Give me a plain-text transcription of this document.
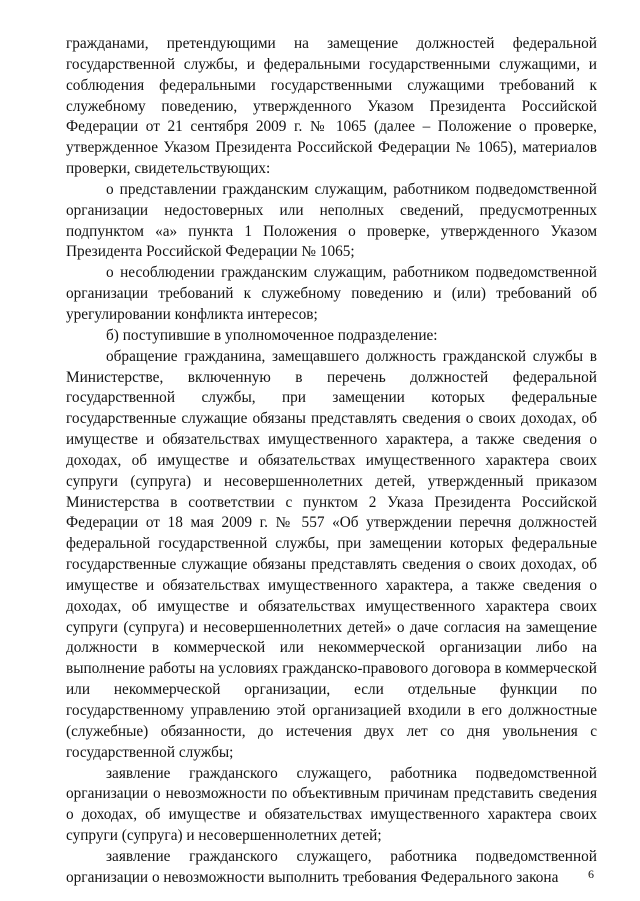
гражданами, претендующими на замещение должностей федеральной государственной службы, и федеральными государственными служащими, и соблюдения федеральными государственными служащими требований к служебному поведению, утвержденного Указом Президента Российской Федерации от 21 сентября 2009 г. № 1065 (далее – Положение о проверке, утвержденное Указом Президента Российской Федерации № 1065), материалов проверки, свидетельствующих:

о представлении гражданским служащим, работником подведомственной организации недостоверных или неполных сведений, предусмотренных подпунктом «а» пункта 1 Положения о проверке, утвержденного Указом Президента Российской Федерации № 1065;

о несоблюдении гражданским служащим, работником подведомственной организации требований к служебному поведению и (или) требований об урегулировании конфликта интересов;

б) поступившие в уполномоченное подразделение:

обращение гражданина, замещавшего должность гражданской службы в Министерстве, включенную в перечень должностей федеральной государственной службы, при замещении которых федеральные государственные служащие обязаны представлять сведения о своих доходах, об имуществе и обязательствах имущественного характера, а также сведения о доходах, об имуществе и обязательствах имущественного характера своих супруги (супруга) и несовершеннолетних детей, утвержденный приказом Министерства в соответствии с пунктом 2 Указа Президента Российской Федерации от 18 мая 2009 г. № 557 «Об утверждении перечня должностей федеральной государственной службы, при замещении которых федеральные государственные служащие обязаны представлять сведения о своих доходах, об имуществе и обязательствах имущественного характера, а также сведения о доходах, об имуществе и обязательствах имущественного характера своих супруги (супруга) и несовершеннолетних детей» о даче согласия на замещение должности в коммерческой или некоммерческой организации либо на выполнение работы на условиях гражданско-правового договора в коммерческой или некоммерческой организации, если отдельные функции по государственному управлению этой организацией входили в его должностные (служебные) обязанности, до истечения двух лет со дня увольнения с государственной службы;

заявление гражданского служащего, работника подведомственной организации о невозможности по объективным причинам представить сведения о доходах, об имуществе и обязательствах имущественного характера своих супруги (супруга) и несовершеннолетних детей;

заявление гражданского служащего, работника подведомственной организации о невозможности выполнить требования Федерального закона	6
